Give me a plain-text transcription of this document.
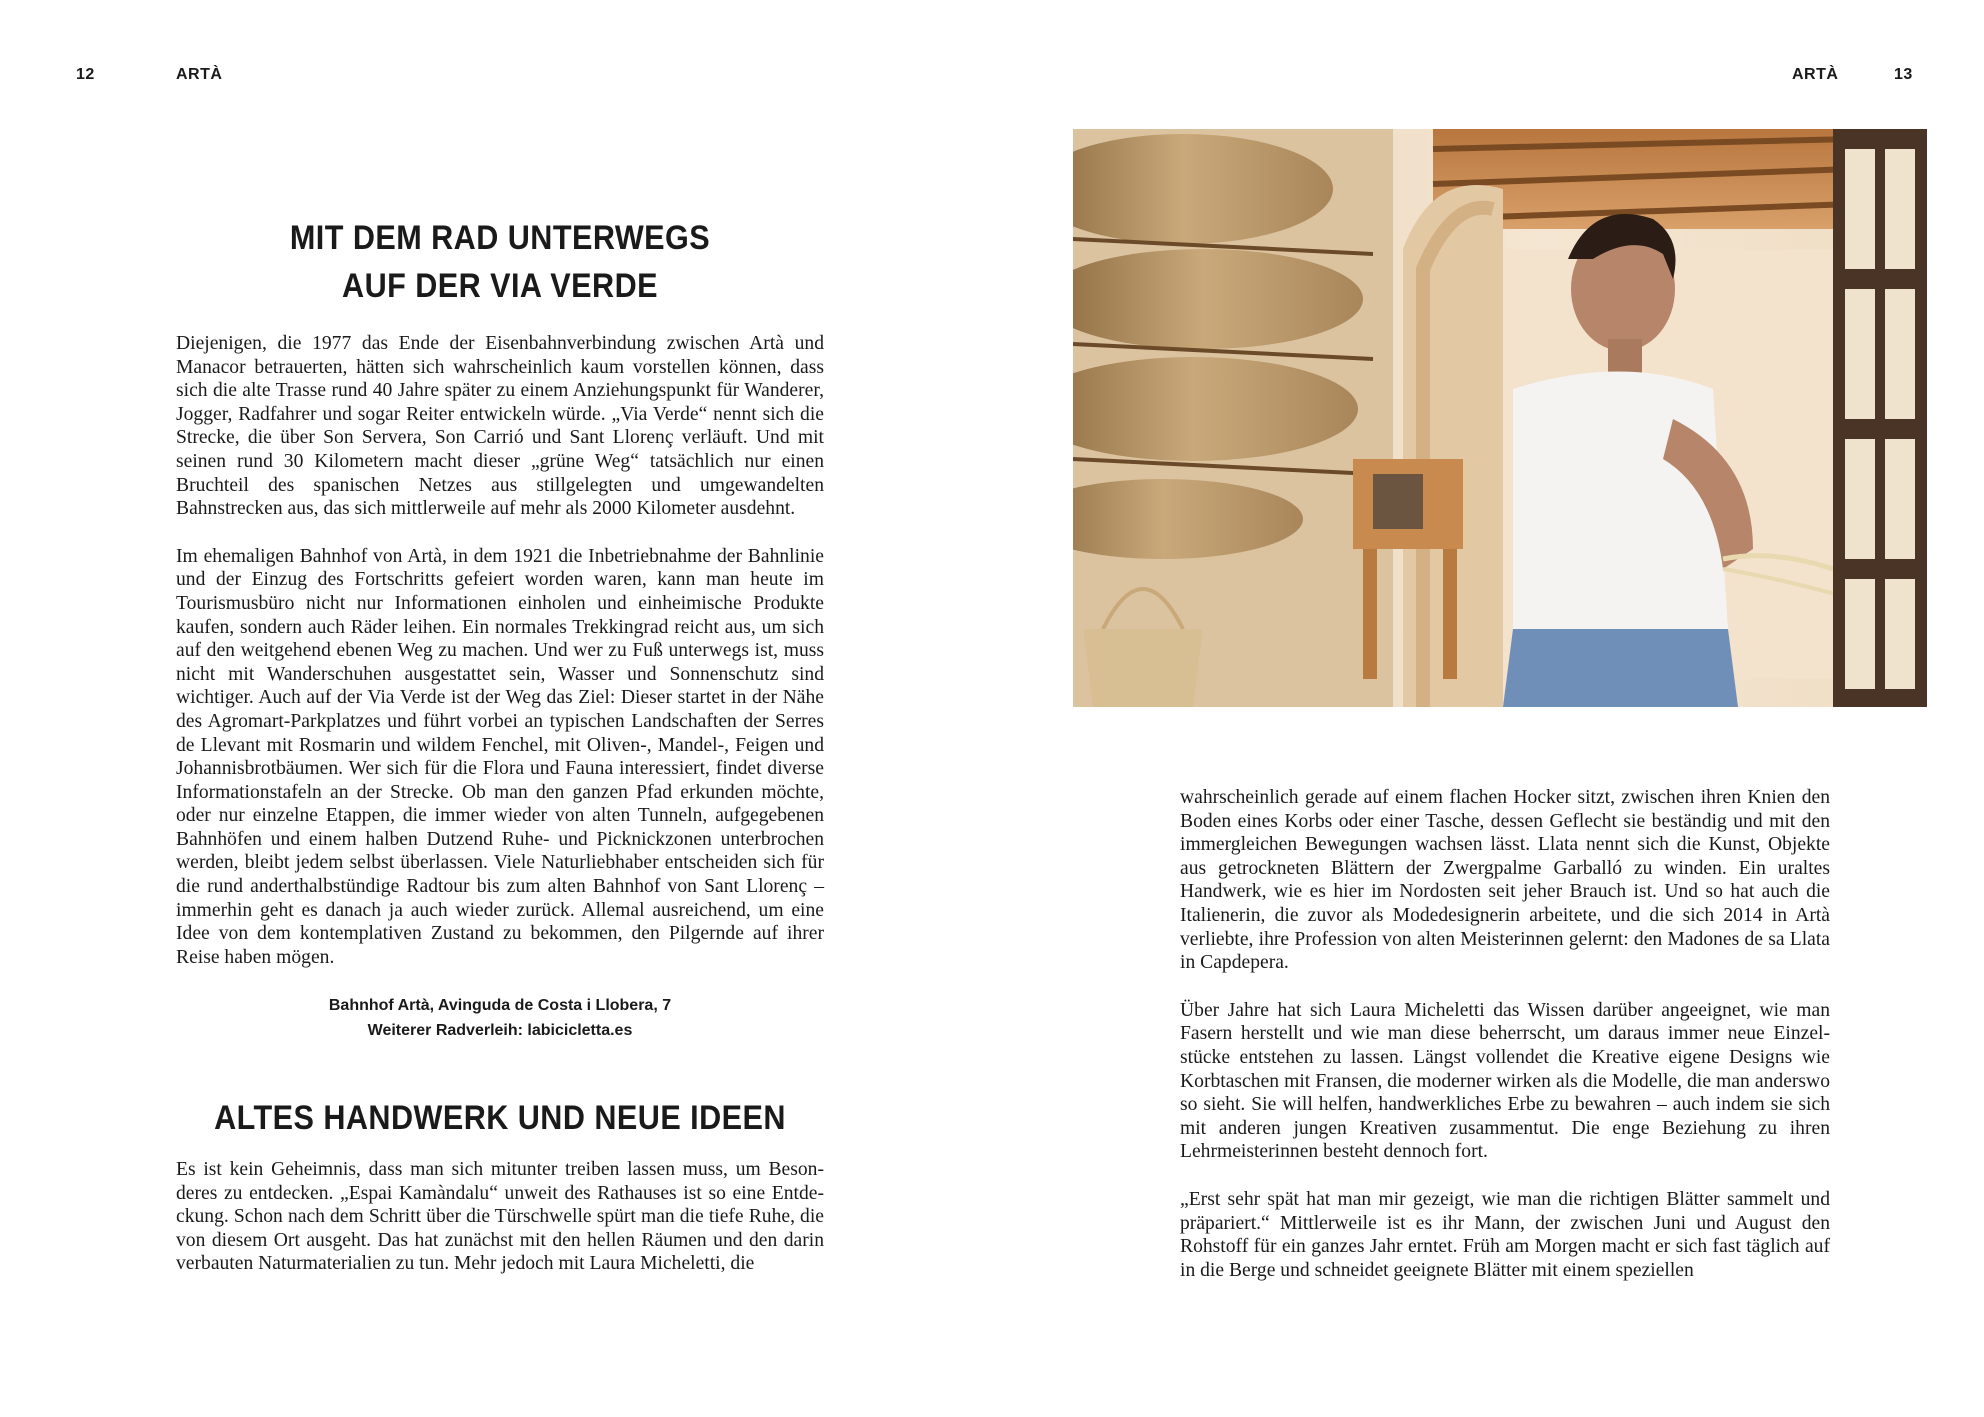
12	ARTÀ
MIT DEM RAD UNTERWEGS
AUF DER VIA VERDE

Diejenigen, die 1977 das Ende der Eisenbahnverbindung zwischen Artà und Manacor betrauerten, hätten sich wahrscheinlich kaum vorstellen können, dass sich die alte Trasse rund 40 Jahre später zu einem Anziehungspunkt für Wanderer, Jogger, Radfahrer und sogar Reiter entwickeln würde. „Via Verde“ nennt sich die Strecke, die über Son Servera, Son Carrió und Sant Llorenç verläuft. Und mit seinen rund 30 Kilometern macht dieser „grüne Weg“ tatsächlich nur einen Bruchteil des spanischen Netzes aus stillgelegten und umgewandelten Bahnstrecken aus, das sich mittlerweile auf mehr als 2000 Kilometer ausdehnt.

Im ehemaligen Bahnhof von Artà, in dem 1921 die Inbetriebnahme der Bahnlinie und der Einzug des Fortschritts gefeiert worden waren, kann man heute im Tourismusbüro nicht nur Informationen einholen und einheimische Produkte kaufen, sondern auch Räder leihen. Ein normales Trekkingrad reicht aus, um sich auf den weitgehend ebenen Weg zu machen. Und wer zu Fuß unterwegs ist, muss nicht mit Wanderschuhen ausgestattet sein, Wasser und Sonnenschutz sind wichtiger. Auch auf der Via Verde ist der Weg das Ziel: Dieser startet in der Nähe des Agromart-Parkplatzes und führt vorbei an typischen Landschaften der Serres de Llevant mit Rosmarin und wildem Fenchel, mit Oliven-, Mandel-, Feigen und Johannisbrotbäumen. Wer sich für die Flora und Fauna interessiert, findet diverse Informationstafeln an der Strecke. Ob man den ganzen Pfad erkunden möchte, oder nur einzelne Etappen, die immer wieder von alten Tunneln, aufgegebenen Bahnhöfen und einem halben Dutzend Ruhe- und Picknickzonen unterbrochen werden, bleibt jedem selbst überlassen. Viele Naturliebhaber entscheiden sich für die rund anderthalbstündige Radtour bis zum alten Bahnhof von Sant Llorenç – immerhin geht es danach ja auch wieder zurück. Allemal ausreichend, um eine Idee von dem kontemplativen Zustand zu bekommen, den Pilgernde auf ihrer Reise haben mögen.

Bahnhof Artà, Avinguda de Costa i Llobera, 7
Weiterer Radverleih: labicicletta.es
ALTES HANDWERK UND NEUE IDEEN

Es ist kein Geheimnis, dass man sich mitunter treiben lassen muss, um Besonderes zu entdecken. „Espai Kamàndalu“ unweit des Rathauses ist so eine Entdeckung. Schon nach dem Schritt über die Türschwelle spürt man die tiefe Ruhe, die von diesem Ort ausgeht. Das hat zunächst mit den hellen Räumen und den darin verbauten Naturmaterialien zu tun. Mehr jedoch mit Laura Micheletti, die

ARTÀ	13

wahrscheinlich gerade auf einem flachen Hocker sitzt, zwischen ihren Knien den Boden eines Korbs oder einer Tasche, dessen Geflecht sie beständig und mit den immergleichen Bewegungen wachsen lässt. Llata nennt sich die Kunst, Objekte aus getrockneten Blättern der Zwergpalme Garballó zu winden. Ein uraltes Handwerk, wie es hier im Nordosten seit jeher Brauch ist. Und so hat auch die Italienerin, die zuvor als Modedesignerin arbeitete, und die sich 2014 in Artà verliebte, ihre Profession von alten Meisterinnen gelernt: den Madones de sa Llata in Capdepera.

Über Jahre hat sich Laura Micheletti das Wissen darüber angeeignet, wie man Fasern herstellt und wie man diese beherrscht, um daraus immer neue Einzelstücke entstehen zu lassen. Längst vollendet die Kreative eigene Designs wie Korbtaschen mit Fransen, die moderner wirken als die Modelle, die man anderswo so sieht. Sie will helfen, handwerkliches Erbe zu bewahren – auch indem sie sich mit anderen jungen Kreativen zusammentut. Die enge Beziehung zu ihren Lehrmeisterinnen besteht dennoch fort.

„Erst sehr spät hat man mir gezeigt, wie man die richtigen Blätter sammelt und präpariert.“ Mittlerweile ist es ihr Mann, der zwischen Juni und August den Rohstoff für ein ganzes Jahr erntet. Früh am Morgen macht er sich fast täglich auf in die Berge und schneidet geeignete Blätter mit einem speziellen
